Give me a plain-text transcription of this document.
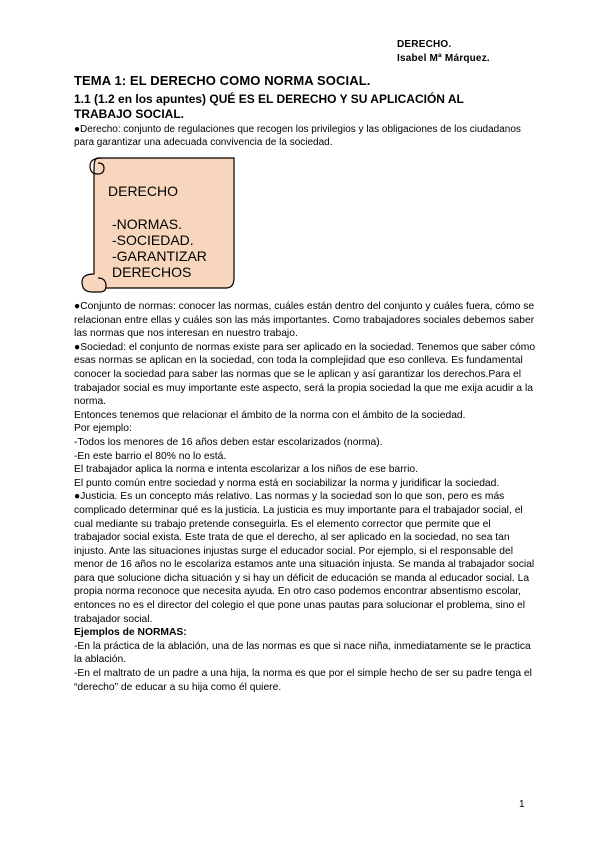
DERECHO.
Isabel Mª Márquez.
TEMA 1: EL DERECHO COMO NORMA SOCIAL.
1.1 (1.2 en los apuntes) QUÉ ES EL DERECHO Y SU APLICACIÓN AL TRABAJO SOCIAL.
●Derecho: conjunto de regulaciones que recogen los privilegios y las obligaciones de los ciudadanos para garantizar una adecuada convivencia de la sociedad.
DERECHO
-NORMAS.
-SOCIEDAD.
-GARANTIZAR
DERECHOS

●Conjunto de normas: conocer las normas, cuáles están dentro del conjunto y cuáles fuera, cómo se relacionan entre ellas y cuáles son las más importantes. Como trabajadores sociales debemos saber las normas que nos interesan en nuestro trabajo.

●Sociedad: el conjunto de normas existe para ser aplicado en la sociedad. Tenemos que saber cómo esas normas se aplican en la sociedad, con toda la complejidad que eso conlleva. Es fundamental conocer la sociedad para saber las normas que se le aplican y así garantizar los derechos.Para el trabajador social es muy importante este aspecto, será la propia sociedad la que me exija acudir a la norma.

Entonces tenemos que relacionar el ámbito de la norma con el ámbito de la sociedad.

Por ejemplo:

-Todos los menores de 16 años deben estar escolarizados (norma).

-En este barrio el 80% no lo está.

El trabajador aplica la norma e intenta escolarizar a los niños de ese barrio.

El punto común entre sociedad y norma está en sociabilizar la norma y juridificar la sociedad.

●Justicia. Es un concepto más relativo. Las normas y la sociedad son lo que son, pero es más complicado determinar qué es la justicia. La justicia es muy importante para el trabajador social, el cual mediante su trabajo pretende conseguirla. Es el elemento corrector que permite que el trabajador social exista. Este trata de que el derecho, al ser aplicado en la sociedad, no sea tan injusto. Ante las situaciones injustas surge el educador social. Por ejemplo, si el responsable del menor de 16 años no le escolariza estamos ante una situación injusta. Se manda al trabajador social para que solucione dicha situación y si hay un déficit de educación se manda al educador social. La propia norma reconoce que necesita ayuda. En otro caso podemos encontrar absentismo escolar, entonces no es el director del colegio el que pone unas pautas para solucionar el problema, sino el trabajador social.

Ejemplos de NORMAS:

-En la práctica de la ablación, una de las normas es que si nace niña, inmediatamente se le practica la ablación.

-En el maltrato de un padre a una hija, la norma es que por el simple hecho de ser su padre tenga el “derecho” de educar a su hija como él quiere.

1
